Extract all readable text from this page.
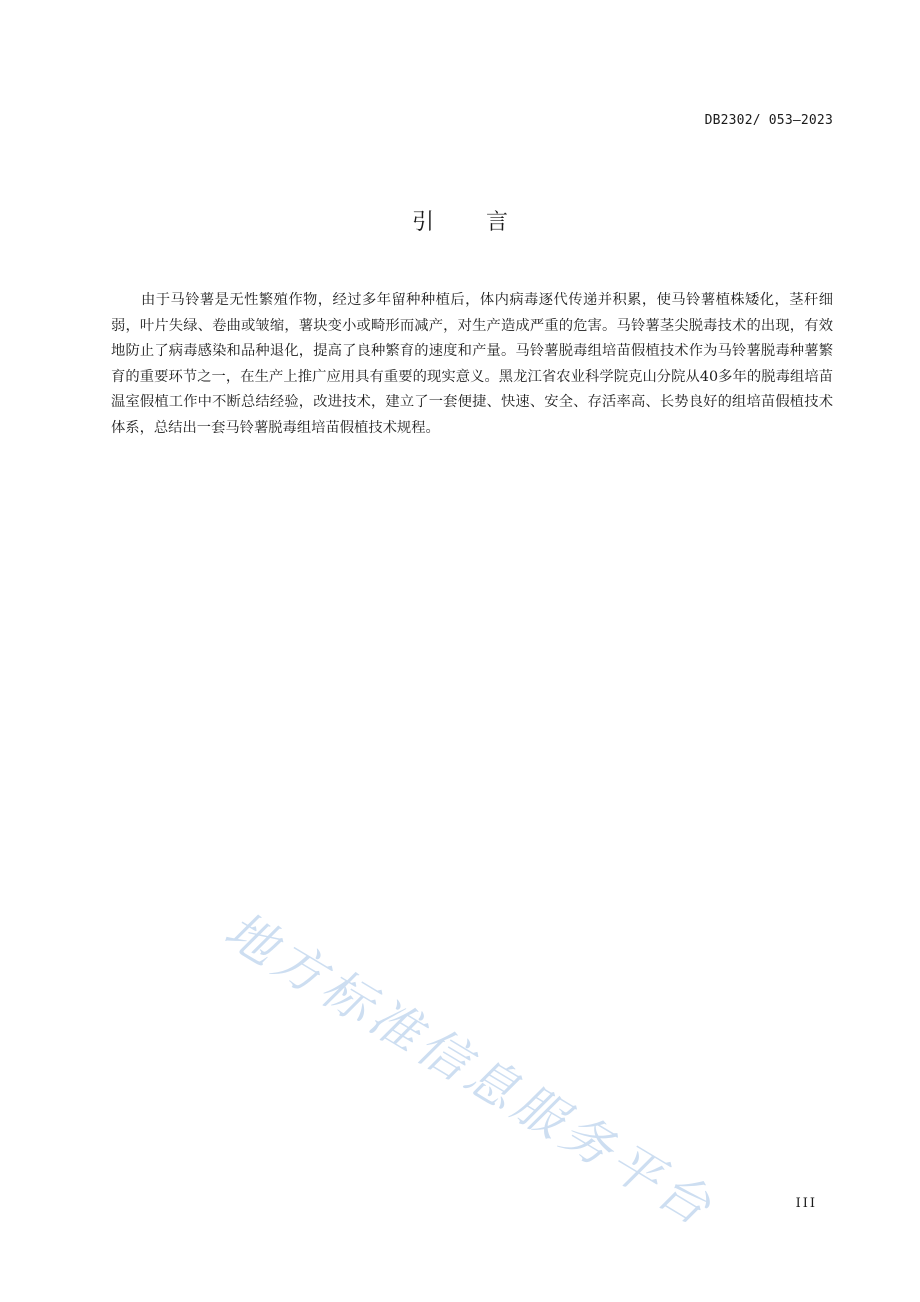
DB2302/ 053—2023
引言

由于马铃薯是无性繁殖作物，经过多年留种种植后，体内病毒逐代传递并积累，使马铃薯植株矮化，茎秆细弱，叶片失绿、卷曲或皱缩，薯块变小或畸形而减产，对生产造成严重的危害。马铃薯茎尖脱毒技术的出现，有效地防止了病毒感染和品种退化，提高了良种繁育的速度和产量。马铃薯脱毒组培苗假植技术作为马铃薯脱毒种薯繁育的重要环节之一，在生产上推广应用具有重要的现实意义。黑龙江省农业科学院克山分院从40多年的脱毒组培苗温室假植工作中不断总结经验，改进技术，建立了一套便捷、快速、安全、存活率高、长势良好的组培苗假植技术体系，总结出一套马铃薯脱毒组培苗假植技术规程。

地方标准信息服务平台	III
